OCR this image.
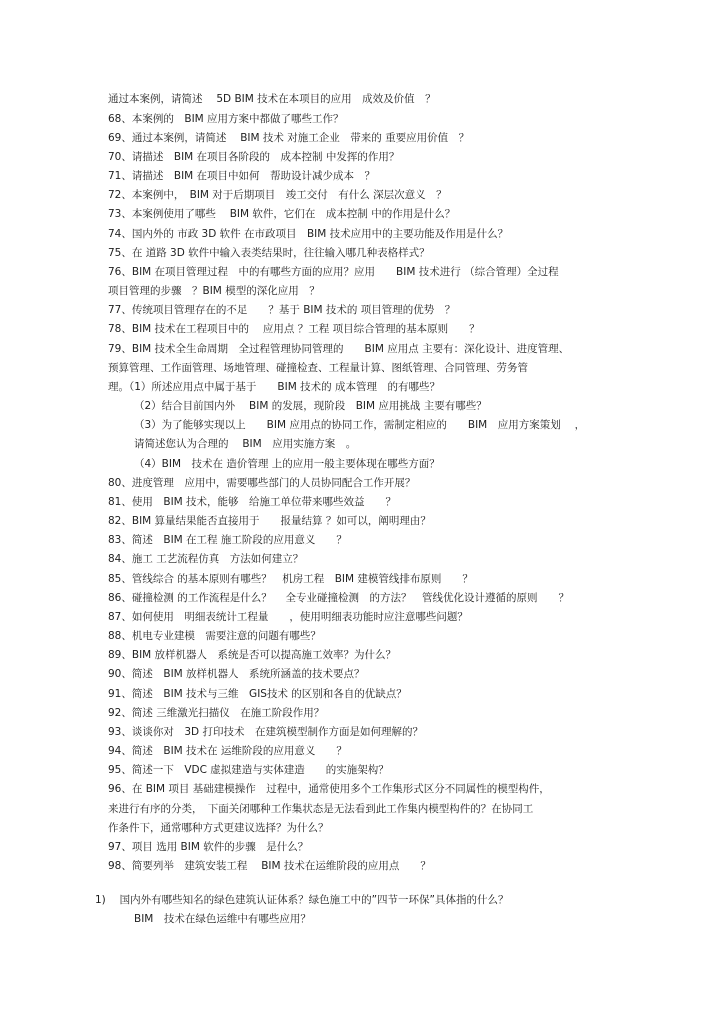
通过本案例，请简述　 5D BIM 技术在本项目的应用　成效及价值　？
68、本案例的　BIM 应用方案中都做了哪些工作？
69、通过本案例，请简述　 BIM 技术 对施工企业　带来的 重要应用价值　？
70、请描述　BIM 在项目各阶段的　成本控制 中发挥的作用？
71、请描述　BIM 在项目中如何　帮助设计减少成本　？
72、本案例中，　BIM 对于后期项目　竣工交付　有什么 深层次意义　？
73、本案例使用了哪些　 BIM 软件，它们在　成本控制 中的作用是什么？
74、国内外的 市政 3D 软件 在市政项目　BIM 技术应用中的主要功能及作用是什么？
75、在 道路 3D 软件中输入表类结果时，往往输入哪几种表格样式？
76、BIM 在项目管理过程　中的有哪些方面的应用？应用　　BIM 技术进行 （综合管理）全过程
项目管理的步骤　？BIM 模型的深化应用　？
77、传统项目管理存在的不足　　？基于 BIM 技术的 项目管理的优势　？
78、BIM 技术在工程项目中的　 应用点 ？工程 项目综合管理的基本原则　　？
79、BIM 技术全生命周期　全过程管理协同管理的　　BIM 应用点 主要有：深化设计、进度管理、
预算管理、工作面管理、场地管理、碰撞检查、工程量计算、图纸管理、合同管理、劳务管
理。（1）所述应用点中属于基于　　BIM 技术的 成本管理　的有哪些？
（2）结合目前国内外　 BIM 的发展，现阶段　BIM 应用挑战 主要有哪些？
（3）为了能够实现以上　　BIM 应用点的协同工作，需制定相应的　　BIM　应用方案策划　 ，
请简述您认为合理的　 BIM　应用实施方案　。
（4）BIM　技术在 造价管理 上的应用一般主要体现在哪些方面？
80、进度管理　应用中，需要哪些部门的人员协同配合工作开展？
81、使用　BIM 技术，能够　给施工单位带来哪些效益　　？
82、BIM 算量结果能否直接用于　　报量结算 ？如可以，阐明理由？
83、简述　BIM 在工程 施工阶段的应用意义　　？
84、施工 工艺流程仿真　方法如何建立？
85、管线综合 的基本原则有哪些？　机房工程　BIM 建模管线排布原则　　？
86、碰撞检测 的工作流程是什么？　 全专业碰撞检测　的方法？　管线优化设计遵循的原则　　？
87、如何使用　明细表统计工程量　　，使用明细表功能时应注意哪些问题？
88、机电专业建模　需要注意的问题有哪些？
89、BIM 放样机器人　系统是否可以提高施工效率？为什么？
90、简述　BIM 放样机器人　系统所涵盖的技术要点？
91、简述　BIM 技术与三维　GIS技术 的区别和各自的优缺点？
92、简述 三维激光扫描仪　在施工阶段作用？
93、谈谈你对　3D 打印技术　在建筑模型制作方面是如何理解的？
94、简述　BIM 技术在 运维阶段的应用意义　　？
95、简述一下　VDC 虚拟建造与实体建造　　的实施架构？
96、在 BIM 项目 基础建模操作　过程中，通常使用多个工作集形式区分不同属性的模型构件，
来进行有序的分类，　下面关闭哪种工作集状态是无法看到此工作集内模型构件的？在协同工
作条件下，通常哪种方式更建议选择？为什么？
97、项目 选用 BIM 软件的步骤　是什么？
98、简要列举　建筑安装工程　 BIM 技术在运维阶段的应用点　　？
1)　 国内外有哪些知名的绿色建筑认证体系？绿色施工中的”四节一环保”具体指的什么？
BIM　技术在绿色运维中有哪些应用？
